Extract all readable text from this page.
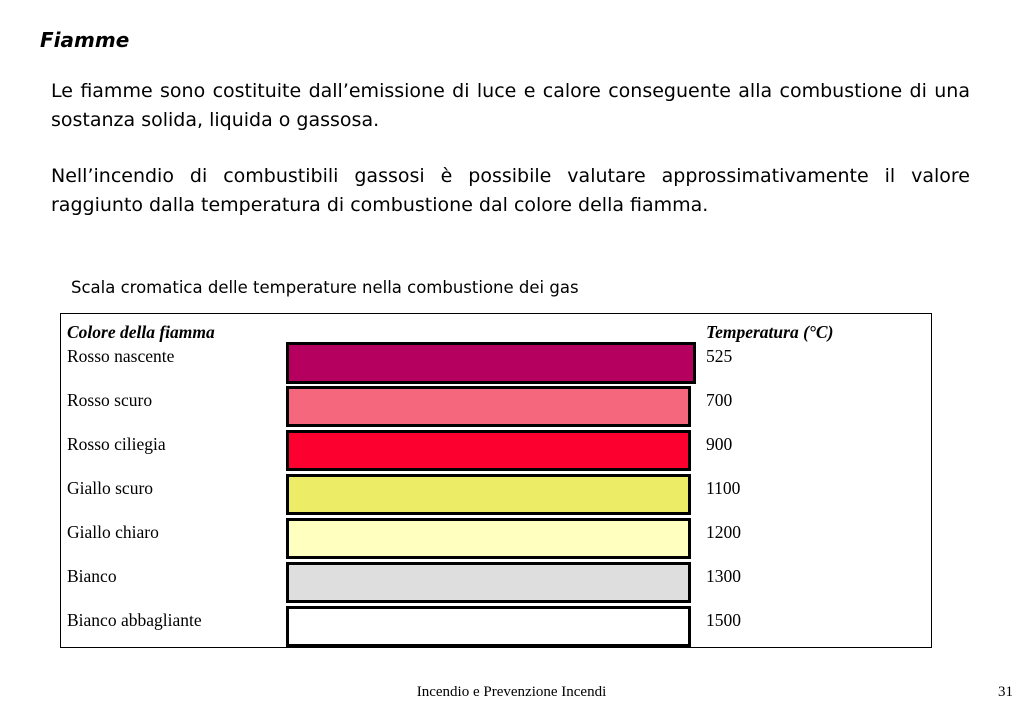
Fiamme
Le fiamme sono costituite dall’emissione di luce e calore conseguente alla combustione di una sostanza solida, liquida o gassosa.
Nell’incendio di combustibili gassosi è possibile valutare approssimativamente il valore raggiunto dalla temperatura di combustione dal colore della fiamma.
Scala cromatica delle temperature nella combustione dei gas
Colore della fiamma	Temperatura (°C)
Rosso nascente	525
Rosso scuro	700
Rosso ciliegia	900
Giallo scuro	1100
Giallo chiaro	1200
Bianco	1300
Bianco abbagliante	1500
Incendio e Prevenzione Incendi	31
